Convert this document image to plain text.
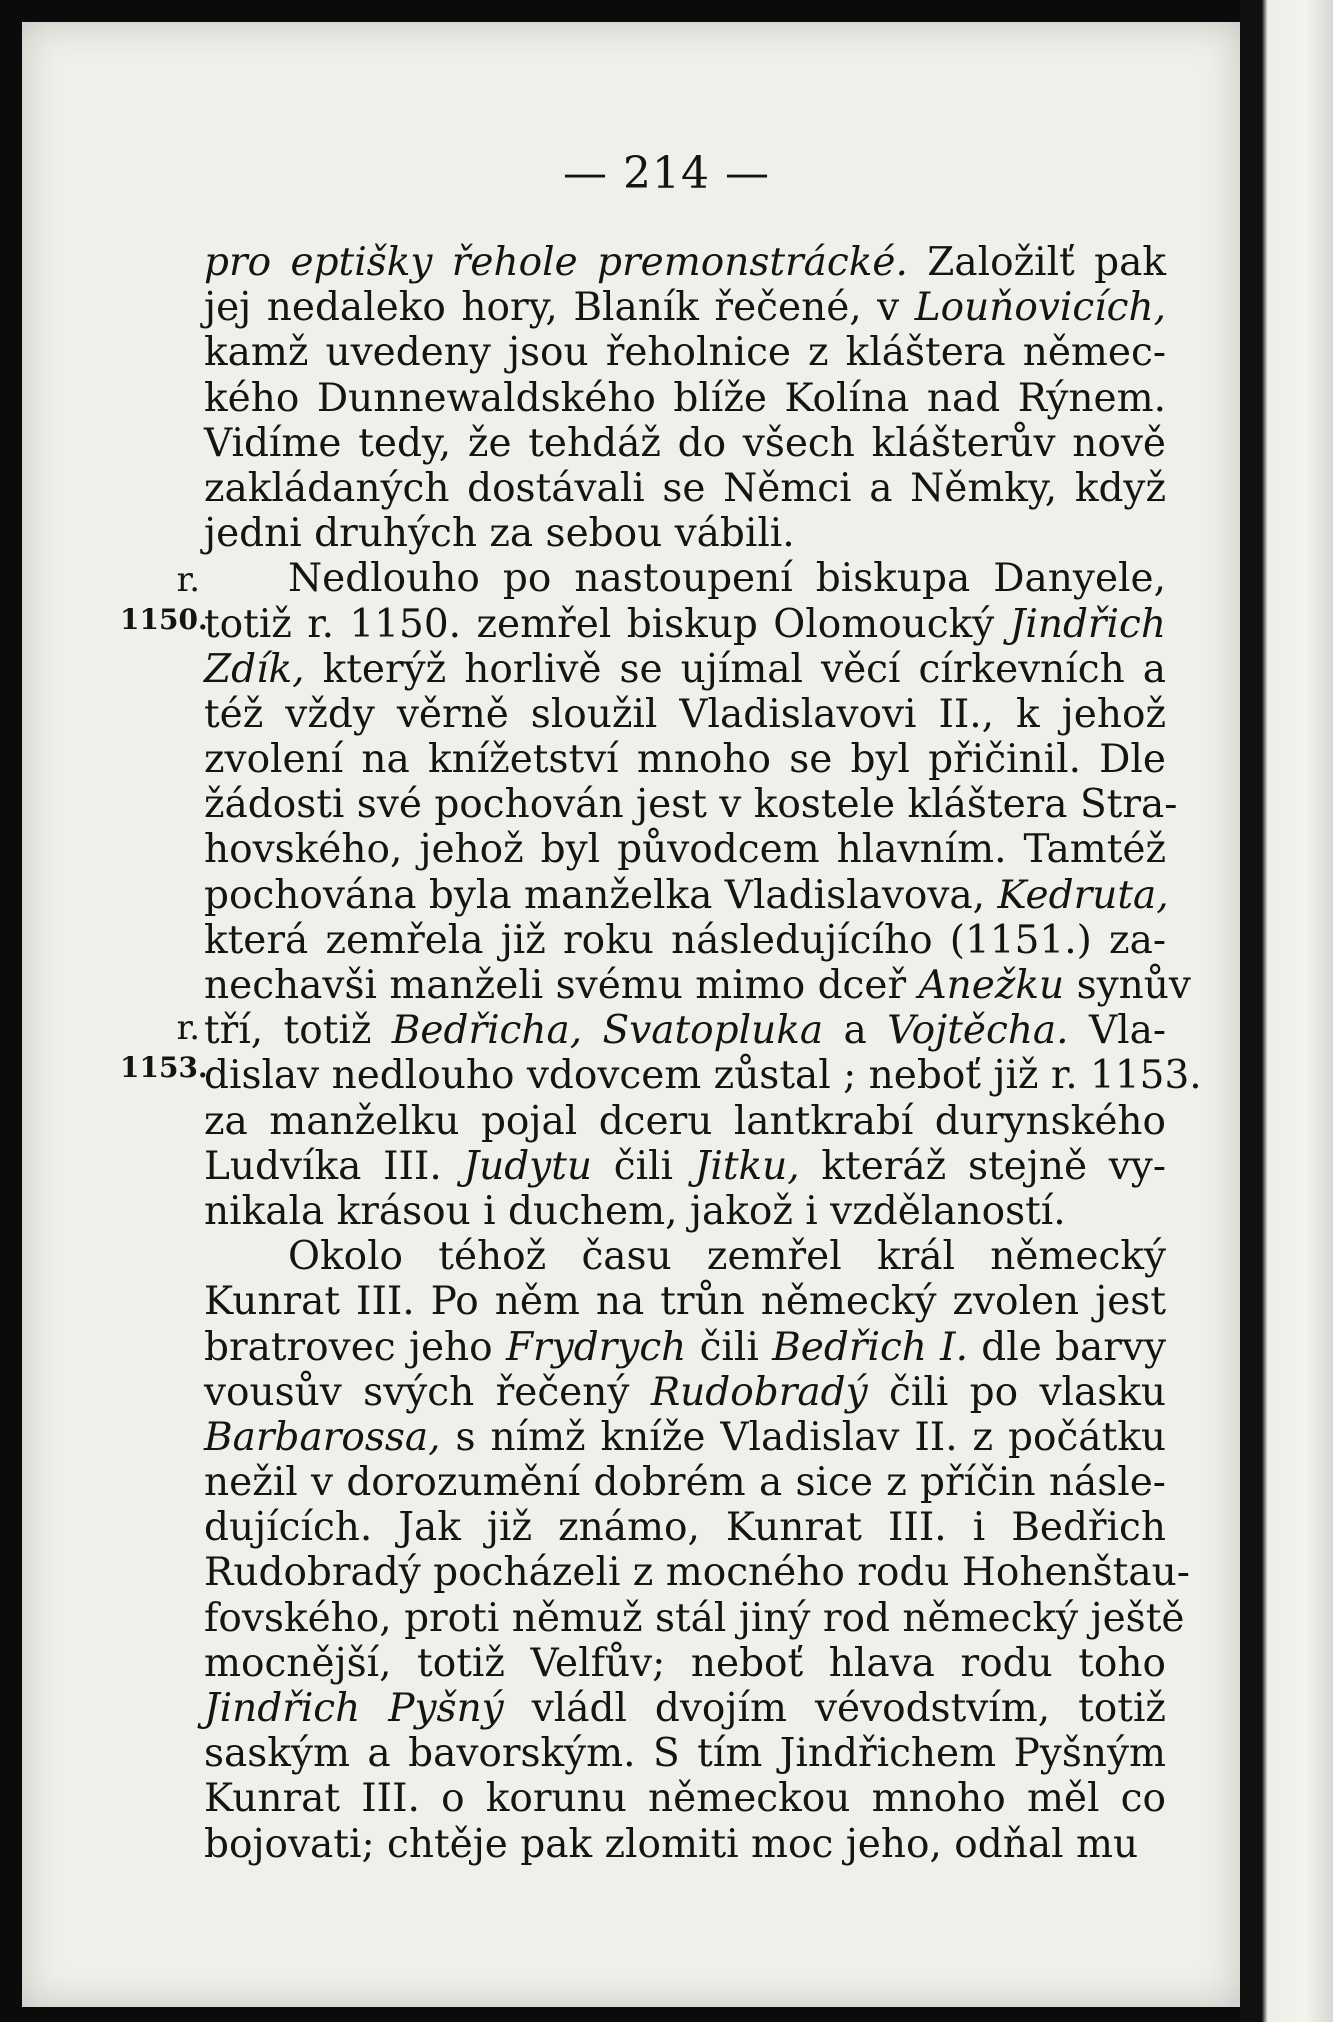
— 214 —
r.
1150.
r.
1153.
pro eptišky řehole premonstrácké. Založilť pak
jej nedaleko hory, Blaník řečené, v Louňovicích,
kamž uvedeny jsou řeholnice z kláštera němec-
kého Dunnewaldského blíže Kolína nad Rýnem.
Vidíme tedy, že tehdáž do všech klášterův nově
zakládaných dostávali se Němci a Němky, když
jedni druhých za sebou vábili.
Nedlouho po nastoupení biskupa Danyele,
totiž r. 1150. zemřel biskup Olomoucký Jindřich
Zdík, kterýž horlivě se ujímal věcí církevních a
též vždy věrně sloužil Vladislavovi II., k jehož
zvolení na knížetství mnoho se byl přičinil. Dle
žádosti své pochován jest v kostele kláštera Stra-
hovského, jehož byl původcem hlavním. Tamtéž
pochována byla manželka Vladislavova, Kedruta,
která zemřela již roku následujícího (1151.) za-
nechavši manželi svému mimo dceř Anežku synův
tří, totiž Bedřicha, Svatopluka a Vojtěcha. Vla-
dislav nedlouho vdovcem zůstal ; neboť již r. 1153.
za manželku pojal dceru lantkrabí durynského
Ludvíka III. Judytu čili Jitku, kteráž stejně vy-
nikala krásou i duchem, jakož i vzdělaností.
Okolo téhož času zemřel král německý
Kunrat III. Po něm na trůn německý zvolen jest
bratrovec jeho Frydrych čili Bedřich I. dle barvy
vousův svých řečený Rudobradý čili po vlasku
Barbarossa, s nímž kníže Vladislav II. z počátku
nežil v dorozumění dobrém a sice z příčin násle-
dujících. Jak již známo, Kunrat III. i Bedřich
Rudobradý pocházeli z mocného rodu Hohenštau-
fovského, proti němuž stál jiný rod německý ještě
mocnější, totiž Velfův; neboť hlava rodu toho
Jindřich Pyšný vládl dvojím vévodstvím, totiž
saským a bavorským. S tím Jindřichem Pyšným
Kunrat III. o korunu německou mnoho měl co
bojovati; chtěje pak zlomiti moc jeho, odňal mu
